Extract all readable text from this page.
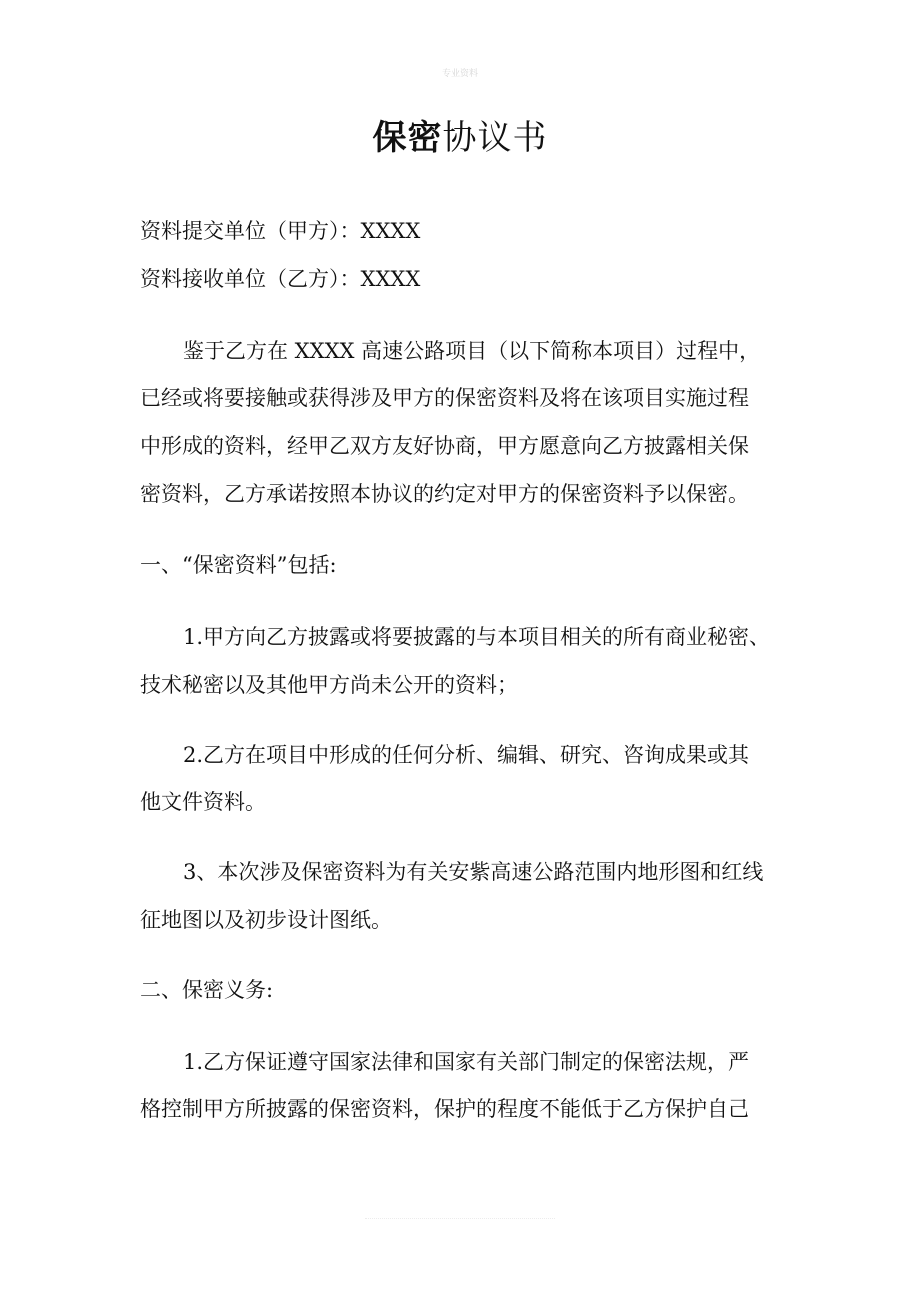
专业资料
保密协议书
资料提交单位（甲方）：XXXX
资料接收单位（乙方）：XXXX
鉴于乙方在 XXXX 高速公路项目（以下简称本项目）过程中，
已经或将要接触或获得涉及甲方的保密资料及将在该项目实施过程
中形成的资料，经甲乙双方友好协商，甲方愿意向乙方披露相关保
密资料，乙方承诺按照本协议的约定对甲方的保密资料予以保密。
一、“保密资料”包括:
1.甲方向乙方披露或将要披露的与本项目相关的所有商业秘密、
技术秘密以及其他甲方尚未公开的资料；
2.乙方在项目中形成的任何分析、编辑、研究、咨询成果或其
他文件资料。
3、本次涉及保密资料为有关安紫高速公路范围内地形图和红线
征地图以及初步设计图纸。
二、保密义务:
1.乙方保证遵守国家法律和国家有关部门制定的保密法规，严
格控制甲方所披露的保密资料，保护的程度不能低于乙方保护自己
